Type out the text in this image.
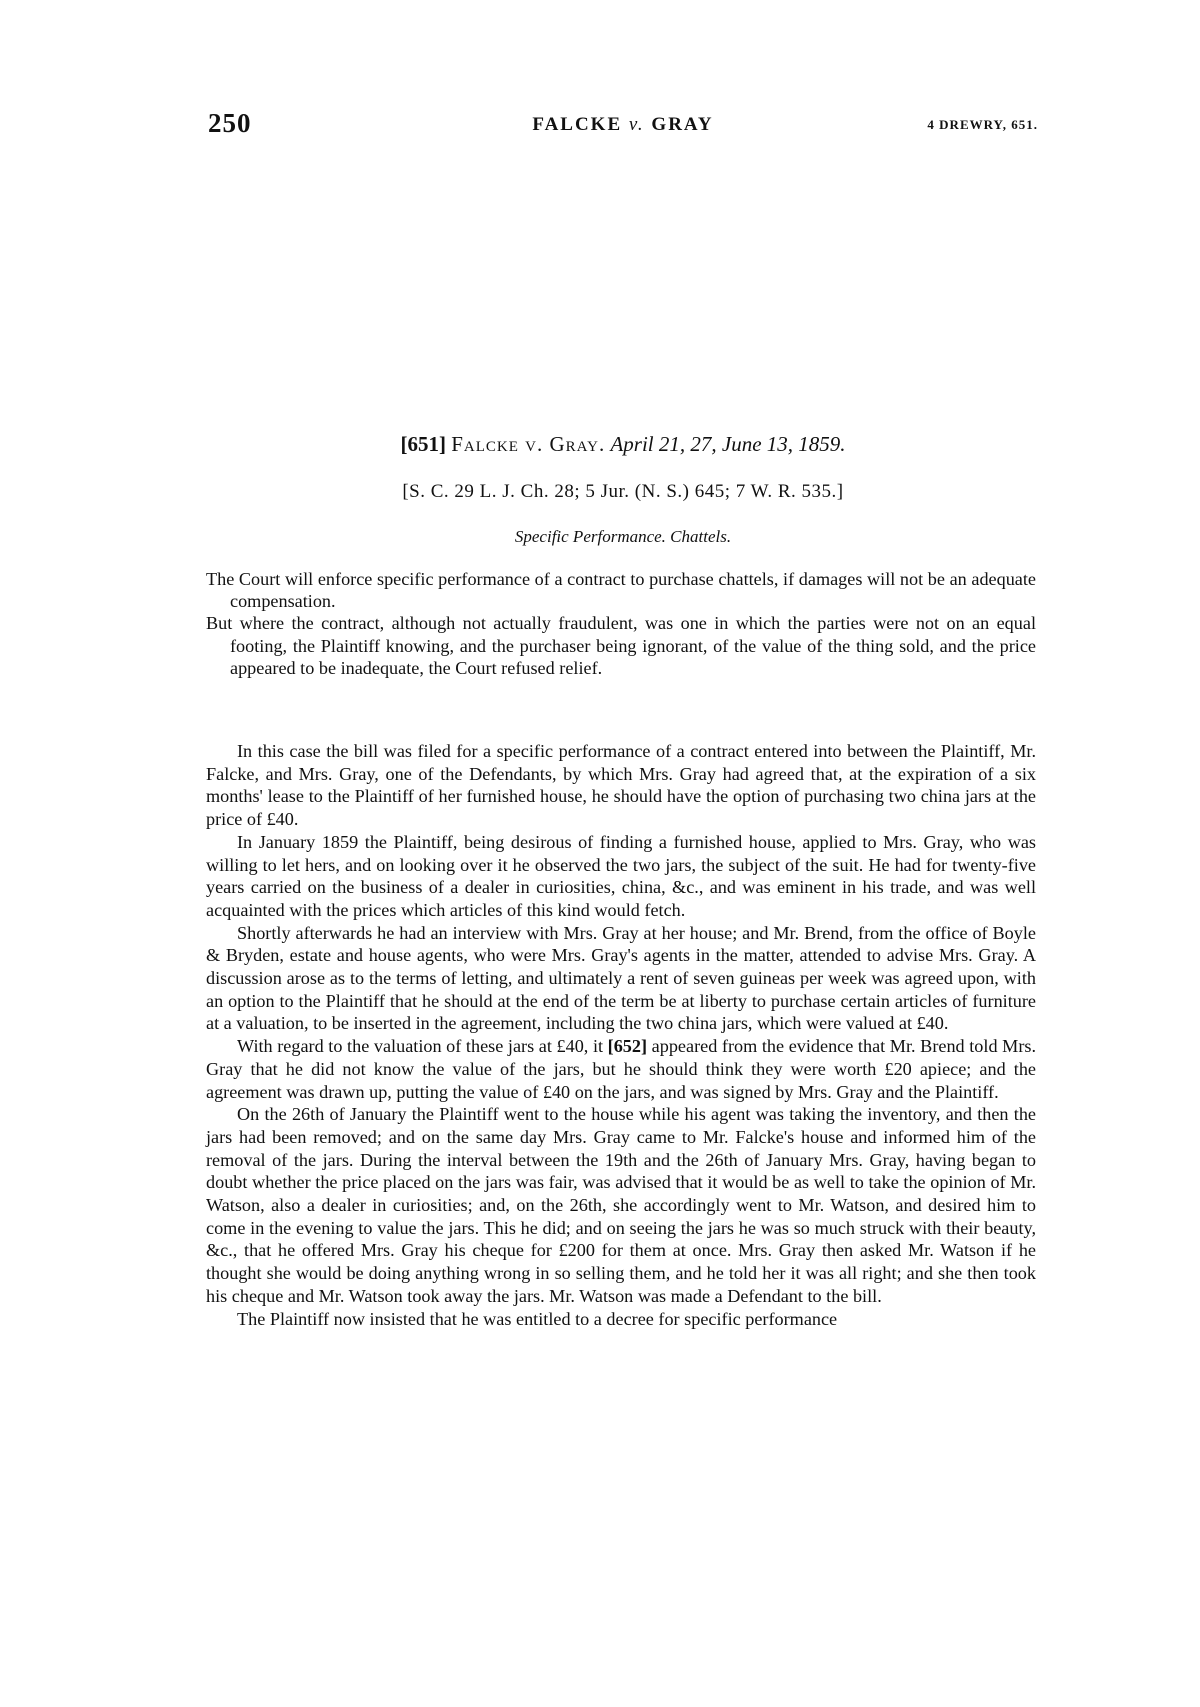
250	FALCKE v. GRAY	4 DREWRY, 651.
[651] Falcke v. Gray. April 21, 27, June 13, 1859.
[S. C. 29 L. J. Ch. 28; 5 Jur. (N. S.) 645; 7 W. R. 535.]
Specific Performance. Chattels.

The Court will enforce specific performance of a contract to purchase chattels, if damages will not be an adequate compensation.

But where the contract, although not actually fraudulent, was one in which the parties were not on an equal footing, the Plaintiff knowing, and the purchaser being ignorant, of the value of the thing sold, and the price appeared to be inadequate, the Court refused relief.

In this case the bill was filed for a specific performance of a contract entered into between the Plaintiff, Mr. Falcke, and Mrs. Gray, one of the Defendants, by which Mrs. Gray had agreed that, at the expiration of a six months' lease to the Plaintiff of her furnished house, he should have the option of purchasing two china jars at the price of £40.

In January 1859 the Plaintiff, being desirous of finding a furnished house, applied to Mrs. Gray, who was willing to let hers, and on looking over it he observed the two jars, the subject of the suit. He had for twenty-five years carried on the business of a dealer in curiosities, china, &c., and was eminent in his trade, and was well acquainted with the prices which articles of this kind would fetch.

Shortly afterwards he had an interview with Mrs. Gray at her house; and Mr. Brend, from the office of Boyle & Bryden, estate and house agents, who were Mrs. Gray's agents in the matter, attended to advise Mrs. Gray. A discussion arose as to the terms of letting, and ultimately a rent of seven guineas per week was agreed upon, with an option to the Plaintiff that he should at the end of the term be at liberty to purchase certain articles of furniture at a valuation, to be inserted in the agreement, including the two china jars, which were valued at £40.

With regard to the valuation of these jars at £40, it [652] appeared from the evidence that Mr. Brend told Mrs. Gray that he did not know the value of the jars, but he should think they were worth £20 apiece; and the agreement was drawn up, putting the value of £40 on the jars, and was signed by Mrs. Gray and the Plaintiff.

On the 26th of January the Plaintiff went to the house while his agent was taking the inventory, and then the jars had been removed; and on the same day Mrs. Gray came to Mr. Falcke's house and informed him of the removal of the jars. During the interval between the 19th and the 26th of January Mrs. Gray, having began to doubt whether the price placed on the jars was fair, was advised that it would be as well to take the opinion of Mr. Watson, also a dealer in curiosities; and, on the 26th, she accordingly went to Mr. Watson, and desired him to come in the evening to value the jars. This he did; and on seeing the jars he was so much struck with their beauty, &c., that he offered Mrs. Gray his cheque for £200 for them at once. Mrs. Gray then asked Mr. Watson if he thought she would be doing anything wrong in so selling them, and he told her it was all right; and she then took his cheque and Mr. Watson took away the jars. Mr. Watson was made a Defendant to the bill.

The Plaintiff now insisted that he was entitled to a decree for specific performance
